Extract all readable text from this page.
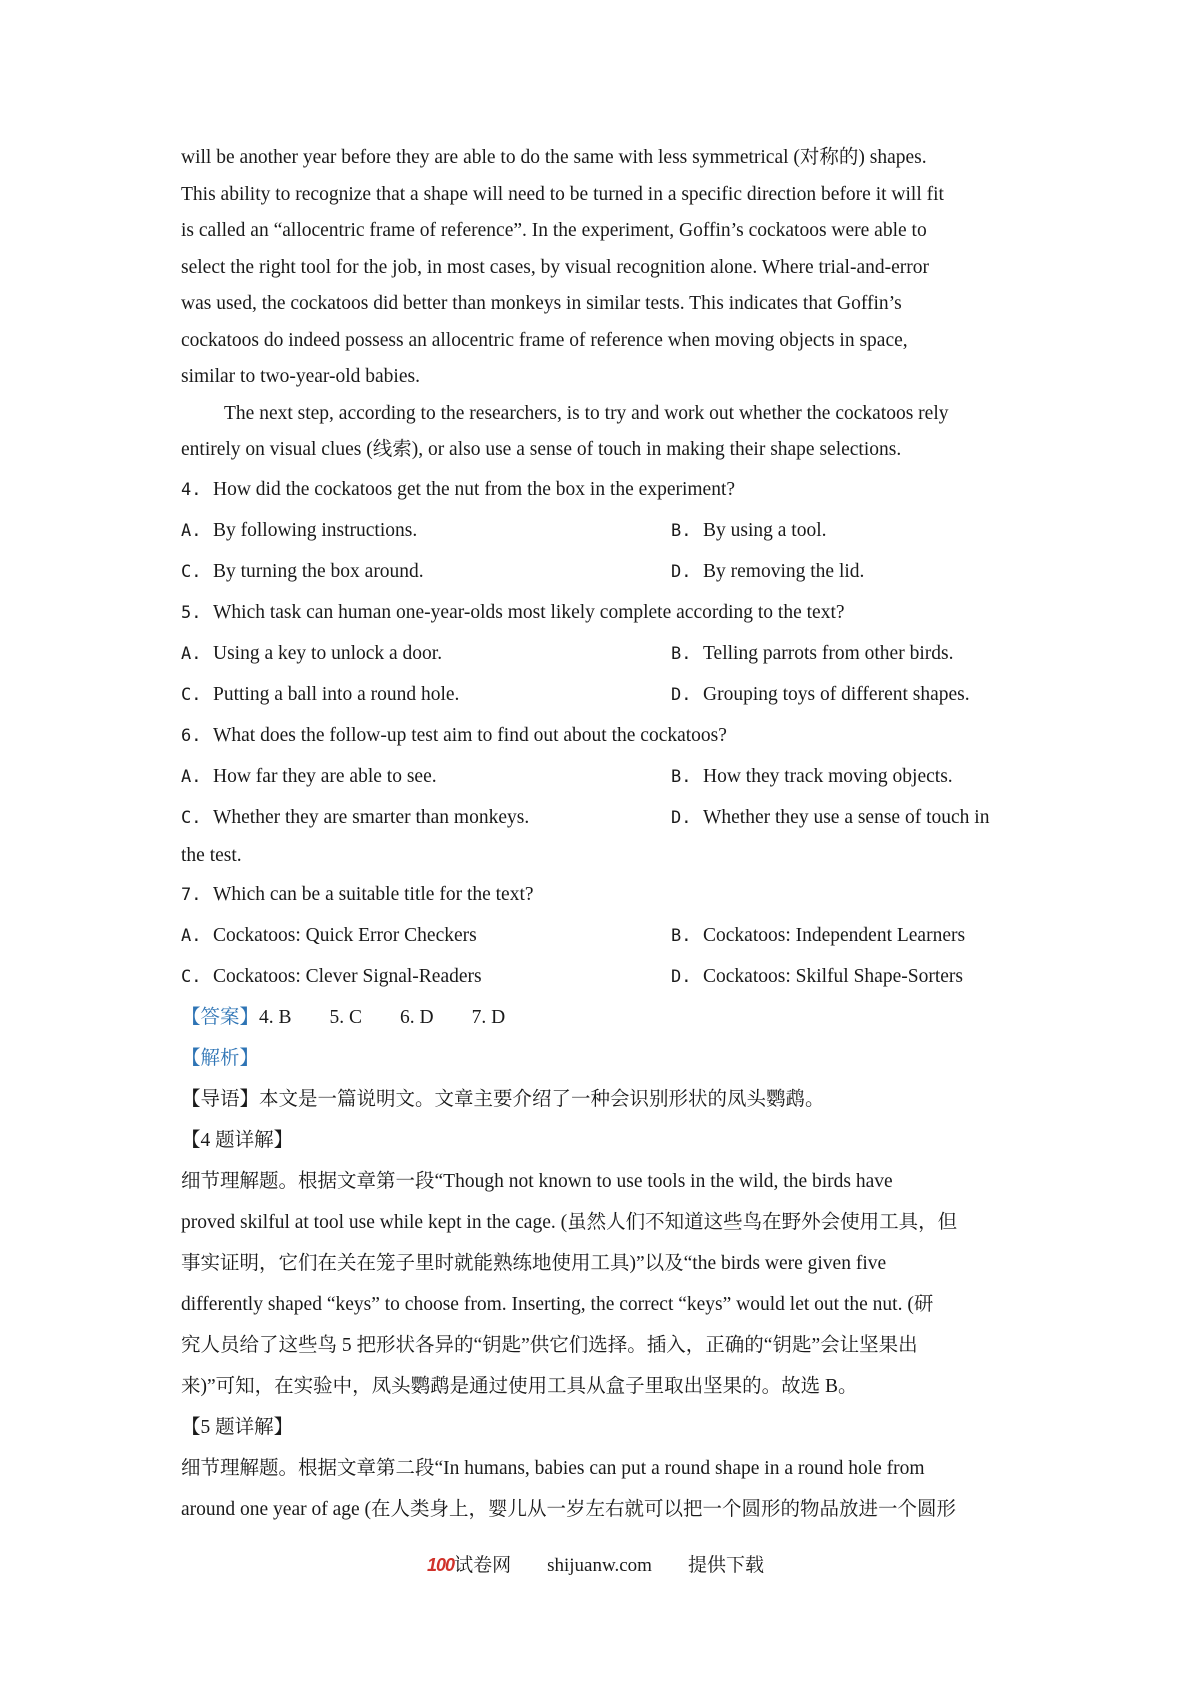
will be another year before they are able to do the same with less symmetrical (对称的) shapes.
This ability to recognize that a shape will need to be turned in a specific direction before it will fit
is called an “allocentric frame of reference”. In the experiment, Goffin’s cockatoos were able to
select the right tool for the job, in most cases, by visual recognition alone. Where trial-and-error
was used, the cockatoos did better than monkeys in similar tests. This indicates that Goffin’s
cockatoos do indeed possess an allocentric frame of reference when moving objects in space,
similar to two-year-old babies.
The next step, according to the researchers, is to try and work out whether the cockatoos rely
entirely on visual clues (线索), or also use a sense of touch in making their shape selections.
4. How did the cockatoos get the nut from the box in the experiment?
A. By following instructions.	B. By using a tool.
C. By turning the box around.	D. By removing the lid.
5. Which task can human one-year-olds most likely complete according to the text?
A. Using a key to unlock a door.	B. Telling parrots from other birds.
C. Putting a ball into a round hole.	D. Grouping toys of different shapes.
6. What does the follow-up test aim to find out about the cockatoos?
A. How far they are able to see.	B. How they track moving objects.
C. Whether they are smarter than monkeys.	D. Whether they use a sense of touch in
the test.
7. Which can be a suitable title for the text?
A. Cockatoos: Quick Error Checkers	B. Cockatoos: Independent Learners
C. Cockatoos: Clever Signal-Readers	D. Cockatoos: Skilful Shape-Sorters
【答案】4. B 5. C 6. D 7. D
【解析】
【导语】本文是一篇说明文。文章主要介绍了一种会识别形状的凤头鹦鹉。
【4 题详解】
细节理解题。根据文章第一段“Though not known to use tools in the wild, the birds have
proved skilful at tool use while kept in the cage. (虽然人们不知道这些鸟在野外会使用工具，但
事实证明，它们在关在笼子里时就能熟练地使用工具)”以及“the birds were given five
differently shaped “keys” to choose from. Inserting, the correct “keys” would let out the nut. (研
究人员给了这些鸟 5 把形状各异的“钥匙”供它们选择。插入，正确的“钥匙”会让坚果出
来)”可知，在实验中，凤头鹦鹉是通过使用工具从盒子里取出坚果的。故选 B。
【5 题详解】
细节理解题。根据文章第二段“In humans, babies can put a round shape in a round hole from
around one year of age (在人类身上，婴儿从一岁左右就可以把一个圆形的物品放进一个圆形
100试卷网 shijuanw.com 提供下载
